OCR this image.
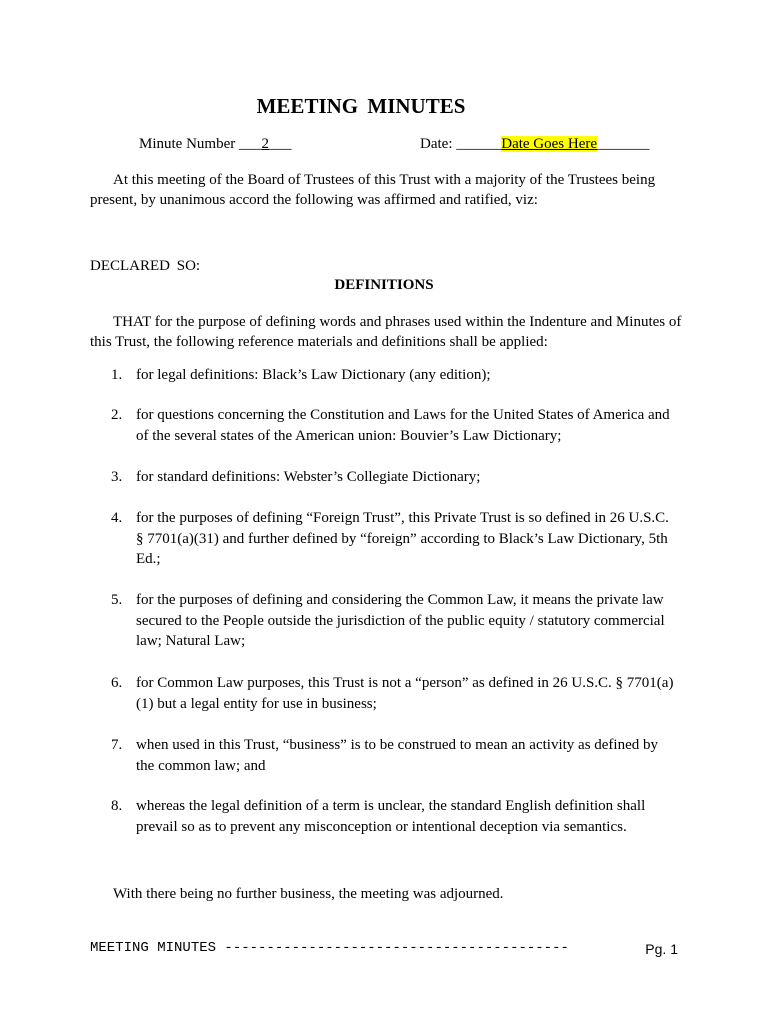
MEETING MINUTES
Minute Number ___2___	Date: ______Date Goes Here_______
At this meeting of the Board of Trustees of this Trust with a majority of the Trustees being present, by unanimous accord the following was affirmed and ratified, viz:
DECLARED SO:
DEFINITIONS
THAT for the purpose of defining words and phrases used within the Indenture and Minutes of this Trust, the following reference materials and definitions shall be applied:
1. for legal definitions: Black’s Law Dictionary (any edition);
2. for questions concerning the Constitution and Laws for the United States of America and of the several states of the American union: Bouvier’s Law Dictionary;
3. for standard definitions: Webster’s Collegiate Dictionary;
4. for the purposes of defining “Foreign Trust”, this Private Trust is so defined in 26 U.S.C. § 7701(a)(31) and further defined by “foreign” according to Black’s Law Dictionary, 5th Ed.;
5. for the purposes of defining and considering the Common Law, it means the private law secured to the People outside the jurisdiction of the public equity / statutory commercial law; Natural Law;
6. for Common Law purposes, this Trust is not a “person” as defined in 26 U.S.C. § 7701(a)(1) but a legal entity for use in business;
7. when used in this Trust, “business” is to be construed to mean an activity as defined by the common law; and
8. whereas the legal definition of a term is unclear, the standard English definition shall prevail so as to prevent any misconception or intentional deception via semantics.
With there being no further business, the meeting was adjourned.
MEETING MINUTES -----------------------------------------	Pg. 1
